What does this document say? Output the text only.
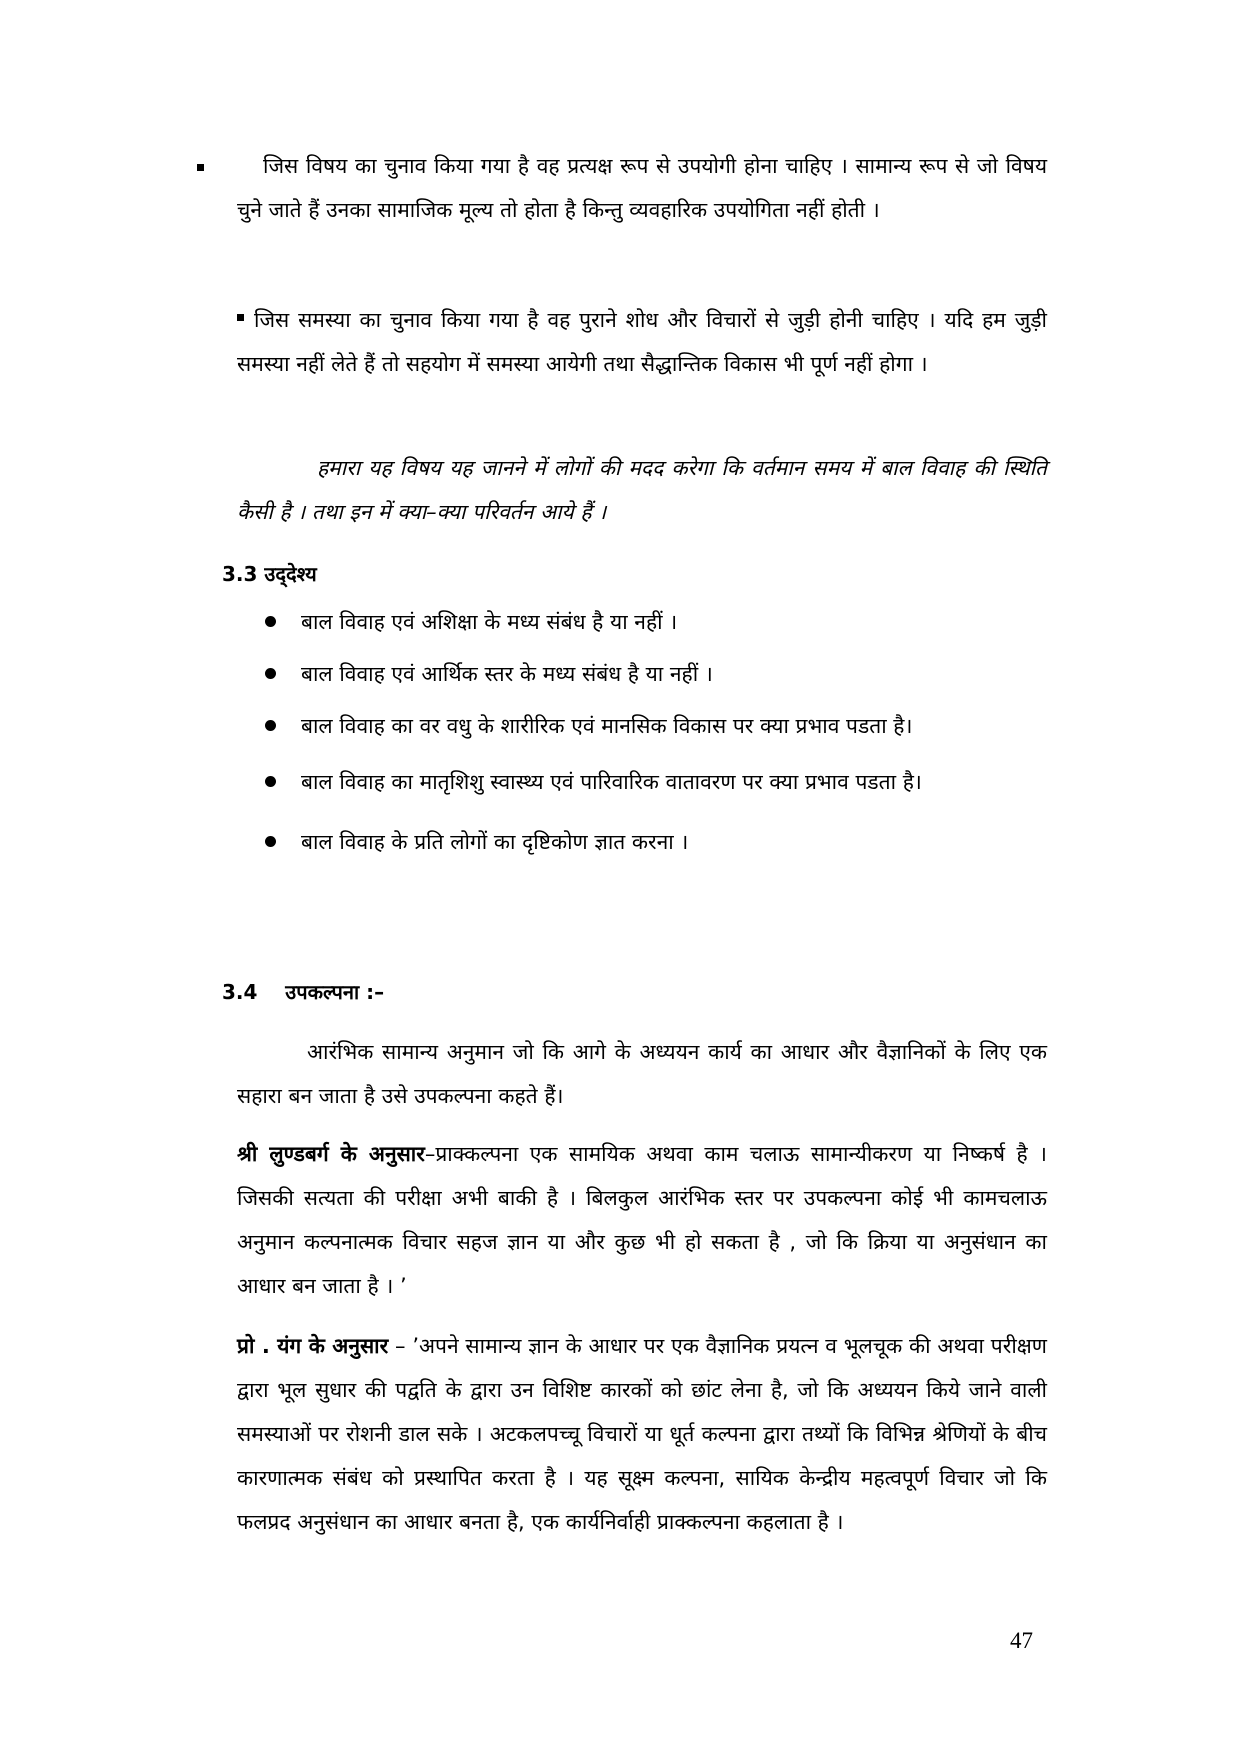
जिस विषय का चुनाव किया गया है वह प्रत्यक्ष रूप से उपयोगी होना चाहिए । सामान्य रूप से जो विषय चुने जाते हैं उनका सामाजिक मूल्य तो होता है किन्तु व्यवहारिक उपयोगिता नहीं होती ।

जिस समस्या का चुनाव किया गया है वह पुराने शोध और विचारों से जुड़ी होनी चाहिए । यदि हम जुड़ी समस्या नहीं लेते हैं तो सहयोग में समस्या आयेगी तथा सैद्धान्तिक विकास भी पूर्ण नहीं होगा ।

हमारा यह विषय यह जानने में लोगों की मदद करेगा कि वर्तमान समय में बाल विवाह की स्थिति कैसी है । तथा इन में क्या–क्या परिवर्तन आये हैं ।

3.3 उद्‌देश्य
बाल विवाह एवं अशिक्षा के मध्य संबंध है या नहीं ।
बाल विवाह एवं आर्थिक स्तर के मध्य संबंध है या नहीं ।
बाल विवाह का वर वधु के शारीरिक एवं मानसिक विकास पर क्या प्रभाव पडता है।
बाल विवाह का मातृशिशु स्वास्थ्य एवं पारिवारिक वातावरण पर क्या प्रभाव पडता है।
बाल विवाह के प्रति लोगों का दृष्टिकोण ज्ञात करना ।
3.4    उपकल्पना :–

आरंभिक सामान्य अनुमान जो कि आगे के अध्ययन कार्य का आधार और वैज्ञानिकों के लिए एक सहारा बन जाता है उसे उपकल्पना कहते हैं।

श्री लुण्डबर्ग के अनुसार–प्राक्कल्पना एक सामयिक अथवा काम चलाऊ सामान्यीकरण या निष्कर्ष है । जिसकी सत्यता की परीक्षा अभी बाकी है । बिलकुल आरंभिक स्तर पर उपकल्पना कोई भी कामचलाऊ अनुमान कल्पनात्मक विचार सहज ज्ञान या और कुछ भी हो सकता है , जो कि क्रिया या अनुसंधान का आधार बन जाता है । ’

प्रो . यंग के अनुसार – ’अपने सामान्य ज्ञान के आधार पर एक वैज्ञानिक प्रयत्न व भूलचूक की अथवा परीक्षण द्वारा भूल सुधार की पद्वति के द्वारा उन विशिष्ट कारकों को छांट लेना है, जो कि अध्ययन किये जाने वाली समस्याओं पर रोशनी डाल सके । अटकलपच्चू विचारों या धूर्त कल्पना द्वारा तथ्यों कि विभिन्न श्रेणियों के बीच कारणात्मक संबंध को प्रस्थापित करता है । यह सूक्ष्म कल्पना, सायिक केन्द्रीय महत्वपूर्ण विचार जो कि फलप्रद अनुसंधान का आधार बनता है, एक कार्यनिर्वाही प्राक्कल्पना कहलाता है ।

47
